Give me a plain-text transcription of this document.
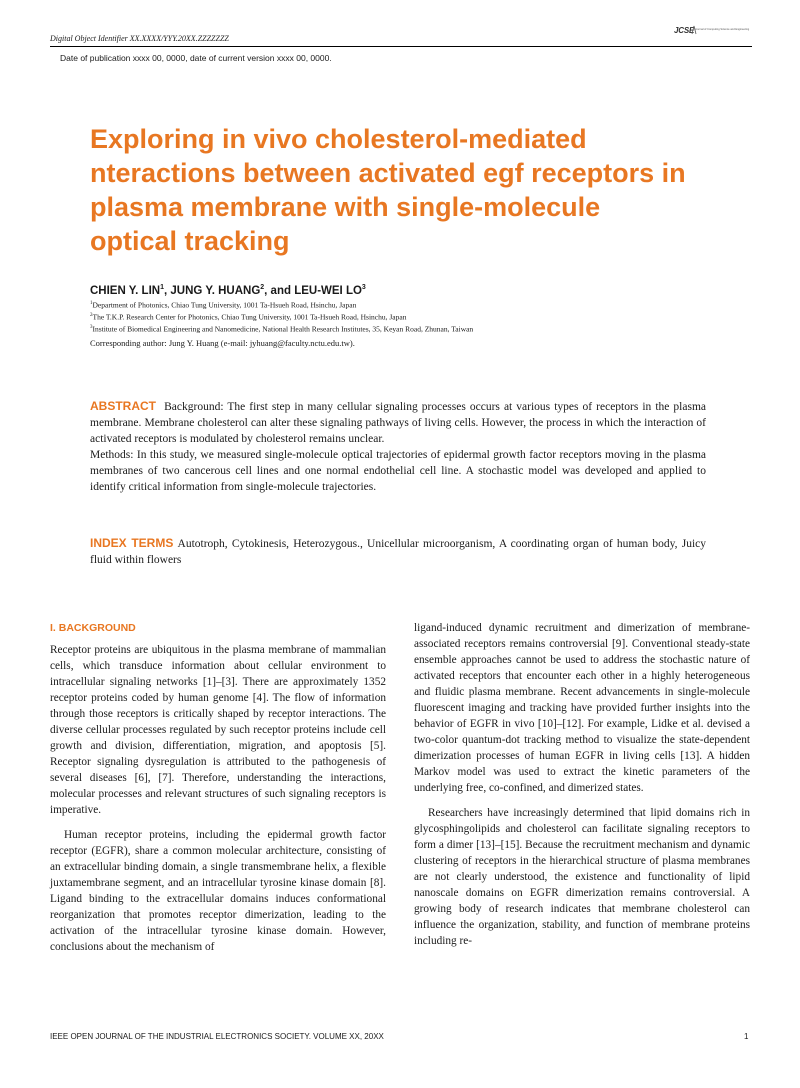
Digital Object Identifier XX.XXXX/YYY.20XX.ZZZZZZZ
Date of publication xxxx 00, 0000, date of current version xxxx 00, 0000.
JCSE Journal of Computing Science and Engineering
Exploring in vivo cholesterol-mediated nteractions between activated egf receptors in plasma membrane with single-molecule optical tracking
CHIEN Y. LIN$^1$, JUNG Y. HUANG$^2$, and LEU-WEI $LO^3$
$^1$Department of Photonics, Chiao Tung University, 1001 Ta-Hsueh Road, Hsinchu, Japan
$^2$The T.K.P. Research Center for Photonics, Chiao Tung University, 1001 Ta-Hsueh Road, Hsinchu, Japan
$^3$Institute of Biomedical Engineering and Nanomedicine, National Health Research Institutes, 35, Keyan Road, Zhunan, Taiwan
Corresponding author: Jung Y. Huang (e-mail: jyhuang@faculty.nctu.edu.tw).

ABSTRACT Background: The first step in many cellular signaling processes occurs at various types of receptors in the plasma membrane. Membrane cholesterol can alter these signaling pathways of living cells. However, the process in which the interaction of activated receptors is modulated by cholesterol remains unclear.

Methods: In this study, we measured single-molecule optical trajectories of epidermal growth factor receptors moving in the plasma membranes of two cancerous cell lines and one normal endothelial cell line. A stochastic model was developed and applied to identify critical information from single-molecule trajectories.

INDEX TERMS Autotroph, Cytokinesis, Heterozygous., Unicellular microorganism, A coordinating organ of human body, Juicy fluid within flowers

I. BACKGROUND

Receptor proteins are ubiquitous in the plasma membrane of mammalian cells, which transduce information about cellular environment to intracellular signaling networks [1]–[3]. There are approximately 1352 receptor proteins coded by human genome [4]. The flow of information through those receptors is critically shaped by receptor interactions. The diverse cellular processes regulated by such receptor proteins include cell growth and division, differentiation, migration, and apoptosis [5]. Receptor signaling dysregulation is attributed to the pathogenesis of several diseases [6], [7]. Therefore, understanding the interactions, molecular processes and relevant structures of such signaling receptors is imperative.

Human receptor proteins, including the epidermal growth factor receptor (EGFR), share a common molecular architecture, consisting of an extracellular binding domain, a single transmembrane helix, a flexible juxtamembrane segment, and an intracellular tyrosine kinase domain [8]. Ligand binding to the extracellular domains induces conformational reorganization that promotes receptor dimerization, leading to the activation of the intracellular tyrosine kinase domain. However, conclusions about the mechanism of

ligand-induced dynamic recruitment and dimerization of membrane-associated receptors remains controversial [9]. Conventional steady-state ensemble approaches cannot be used to address the stochastic nature of activated receptors that encounter each other in a highly heterogeneous and fluidic plasma membrane. Recent advancements in single-molecule fluorescent imaging and tracking have provided further insights into the behavior of EGFR in vivo [10]–[12]. For example, Lidke et al. devised a two-color quantum-dot tracking method to visualize the state-dependent dimerization processes of human EGFR in living cells [13]. A hidden Markov model was used to extract the kinetic parameters of the underlying free, co-confined, and dimerized states.

Researchers have increasingly determined that lipid domains rich in glycosphingolipids and cholesterol can facilitate signaling receptors to form a dimer [13]–[15]. Because the recruitment mechanism and dynamic clustering of receptors in the hierarchical structure of plasma membranes are not clearly understood, the existence and functionality of lipid nanoscale domains on EGFR dimerization remains controversial. A growing body of research indicates that membrane cholesterol can influence the organization, stability, and function of membrane proteins including re-

IEEE OPEN JOURNAL OF THE INDUSTRIAL ELECTRONICS SOCIETY. VOLUME XX, 20XX	1
